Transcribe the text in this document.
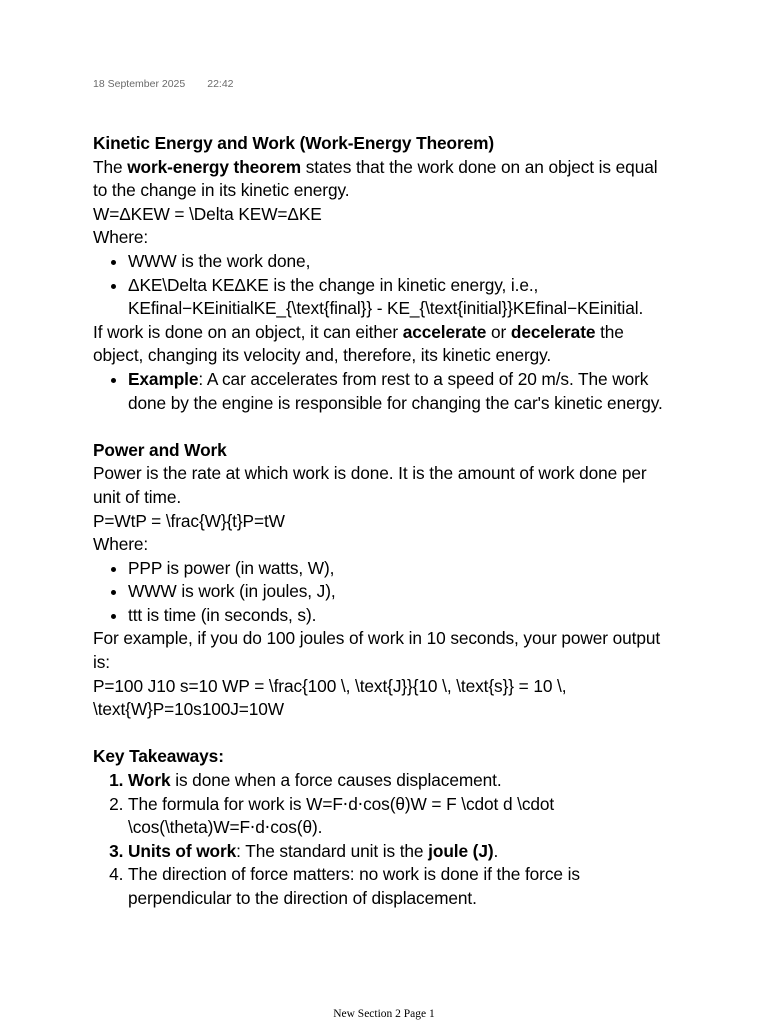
18 September 2025 22:42

Kinetic Energy and Work (Work-Energy Theorem)

The work-energy theorem states that the work done on an object is equal to the change in its kinetic energy.

W=ΔKEW = \Delta KEW=ΔKE

Where:

• WWW is the work done,
• ΔKE\Delta KEΔKE is the change in kinetic energy, i.e., KEfinal−KEinitialKE_{\text{final}} - KE_{\text{initial}}KEfinal−KEinitial.

If work is done on an object, it can either accelerate or decelerate the object, changing its velocity and, therefore, its kinetic energy.

• Example: A car accelerates from rest to a speed of 20 m/s. The work done by the engine is responsible for changing the car's kinetic energy.

Power and Work

Power is the rate at which work is done. It is the amount of work done per unit of time.

P=WtP = \frac{W}{t}P=tW

Where:

• PPP is power (in watts, W),
• WWW is work (in joules, J),
• ttt is time (in seconds, s).

For example, if you do 100 joules of work in 10 seconds, your power output is:

P=100 J10 s=10 WP = \frac{100 \, \text{J}}{10 \, \text{s}} = 10 \, \text{W}P=10s100J=10W

Key Takeaways:

1. Work is done when a force causes displacement.
2. The formula for work is W=F⋅d⋅cos⁡(θ)W = F \cdot d \cdot \cos(\theta)W=F⋅d⋅cos(θ).
3. Units of work: The standard unit is the joule (J).
4. The direction of force matters: no work is done if the force is perpendicular to the direction of displacement.
New Section 2 Page 1
